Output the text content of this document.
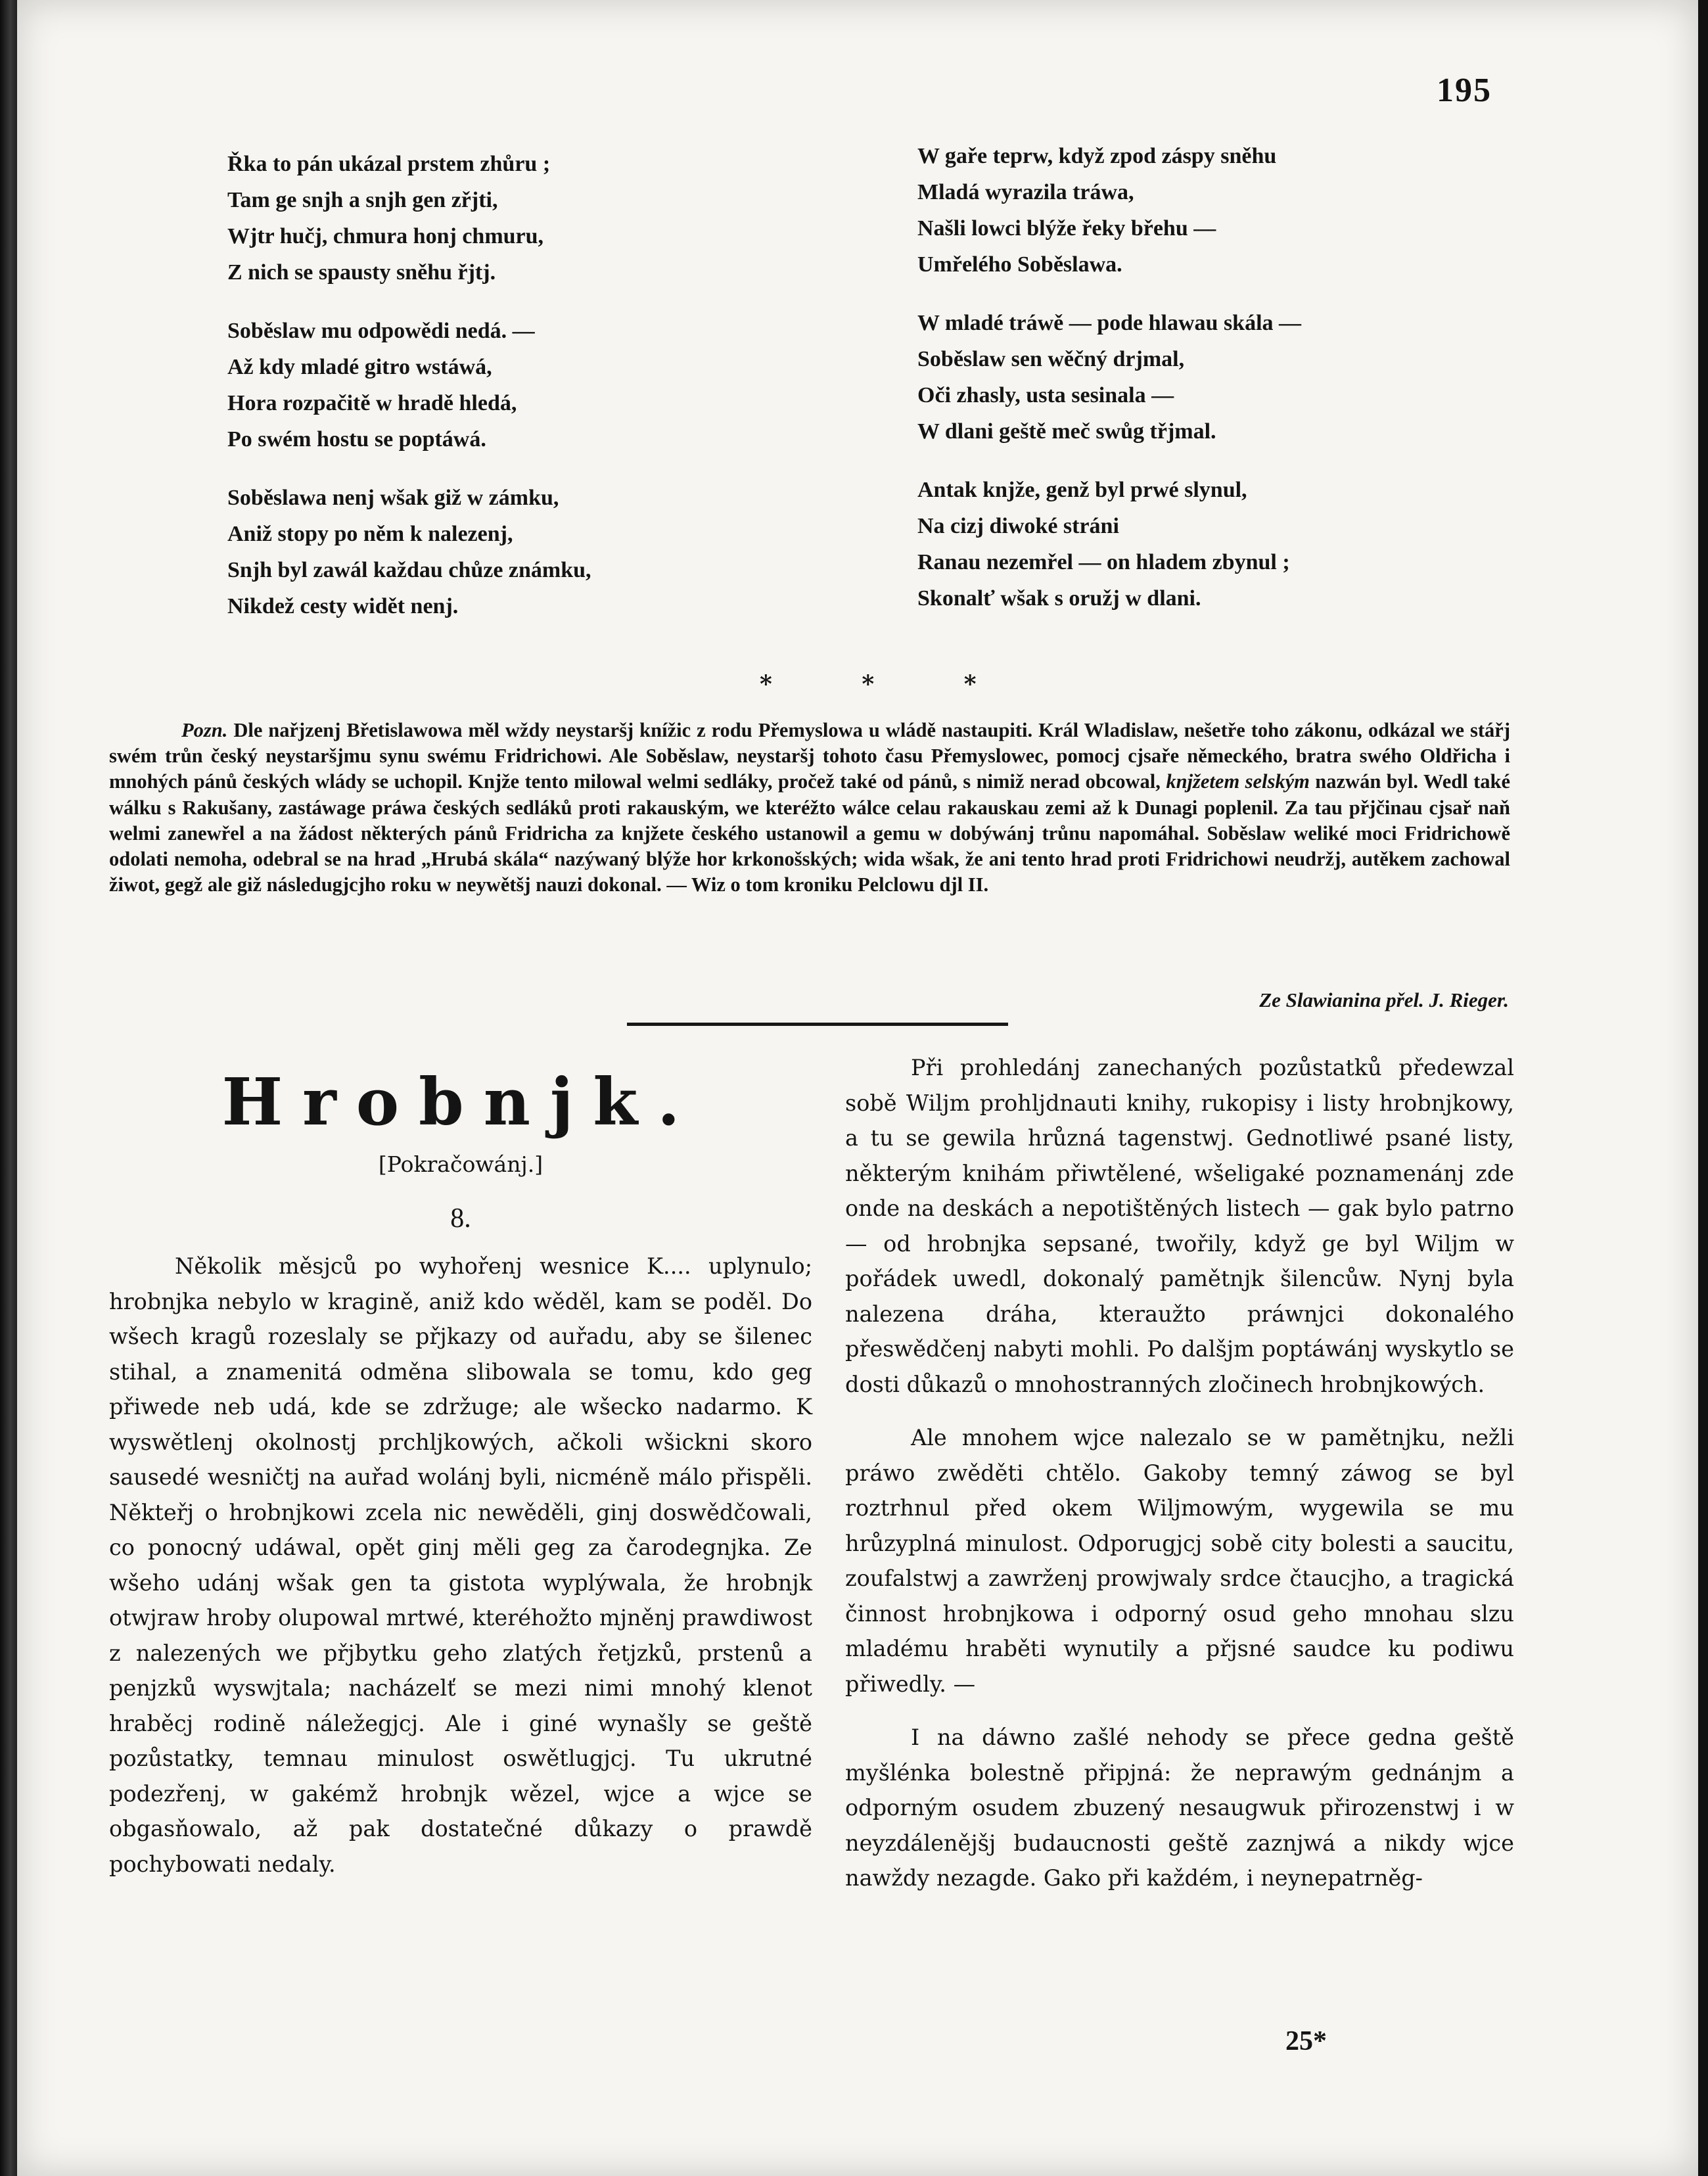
195
Řka to pán ukázal prstem zhůru ;
Tam ge snjh a snjh gen zřjti,
Wjtr hučj, chmura honj chmuru,
Z nich se spausty sněhu řjtj.
Soběslaw mu odpowědi nedá. —
Až kdy mladé gitro wstáwá,
Hora rozpačitě w hradě hledá,
Po swém hostu se poptáwá.
Soběslawa nenj wšak giž w zámku,
Aniž stopy po něm k nalezenj,
Snjh byl zawál každau chůze známku,
Nikdež cesty widět nenj.
W gaře teprw, když zpod záspy sněhu
Mladá wyrazila tráwa,
Našli lowci blýže řeky břehu —
Umřelého Soběslawa.
W mladé tráwě — pode hlawau skála —
Soběslaw sen wěčný drjmal,
Oči zhasly, usta sesinala —
W dlani geště meč swůg třjmal.
Antak knjže, genž byl prwé slynul,
Na cizj diwoké stráni
Ranau nezemřel — on hladem zbynul ;
Skonalť wšak s oružj w dlani.
* * *
Pozn. Dle nařjzenj Břetislawowa měl wždy neystaršj knížic z rodu Přemyslowa u wládě nastaupiti. Král Wladislaw, nešetře toho zákonu, odkázal we stářj swém trůn český neystaršjmu synu swému Fridrichowi. Ale Soběslaw, neystaršj tohoto času Přemyslowec, pomocj cjsaře německého, bratra swého Oldřicha i mnohých pánů českých wlády se uchopil. Knjže tento milowal welmi sedláky, pročež také od pánů, s nimiž nerad obcowal, knjžetem selským nazwán byl. Wedl také wálku s Rakušany, zastáwage práwa českých sedláků proti rakauským, we kteréžto wálce celau rakauskau zemi až k Dunagi poplenil. Za tau přjčinau cjsař naň welmi zanewřel a na žádost některých pánů Fridricha za knjžete českého ustanowil a gemu w dobýwánj trůnu napomáhal. Soběslaw weliké moci Fridrichowě odolati nemoha, odebral se na hrad „Hrubá skála“ nazýwaný blýže hor krkonošských; wida wšak, že ani tento hrad proti Fridrichowi neudržj, autěkem zachowal žiwot, gegž ale giž následugjcjho roku w neywětšj nauzi dokonal. — Wiz o tom kroniku Pelclowu djl II.
Ze Slawianina přel. J. Rieger.
Hrobnjk.
[Pokračowánj.]
8.

Několik měsjců po wyhořenj wesnice K.... uplynulo; hrobnjka nebylo w kragině, aniž kdo wěděl, kam se poděl. Do wšech kragů rozeslaly se přjkazy od auřadu, aby se šilenec stihal, a znamenitá odměna slibowala se tomu, kdo geg přiwede neb udá, kde se zdržuge; ale wšecko nadarmo. K wyswětlenj okolnostj prchljkowých, ačkoli wšickni skoro sausedé wesničtj na auřad wolánj byli, nicméně málo přispěli. Někteřj o hrobnjkowi zcela nic newěděli, ginj doswědčowali, co ponocný udáwal, opět ginj měli geg za čarodegnjka. Ze wšeho udánj wšak gen ta gistota wyplýwala, že hrobnjk otwjraw hroby olupowal mrtwé, kteréhožto mjněnj prawdiwost z nalezených we přjbytku geho zlatých řetjzků, prstenů a penjzků wyswjtala; nacházelť se mezi nimi mnohý klenot hraběcj rodině náležegjcj. Ale i giné wynašly se geště pozůstatky, temnau minulost oswětlugjcj. Tu ukrutné podezřenj, w gakémž hrobnjk wězel, wjce a wjce se obgasňowalo, až pak dostatečné důkazy o prawdě pochybowati nedaly.

Při prohledánj zanechaných pozůstatků předewzal sobě Wiljm prohljdnauti knihy, rukopisy i listy hrobnjkowy, a tu se gewila hrůzná tagenstwj. Gednotliwé psané listy, některým knihám přiwtělené, wšeligaké poznamenánj zde onde na deskách a nepotištěných listech — gak bylo patrno — od hrobnjka sepsané, twořily, když ge byl Wiljm w pořádek uwedl, dokonalý pamětnjk šilencůw. Nynj byla nalezena dráha, kteraužto práwnjci dokonalého přeswědčenj nabyti mohli. Po dalšjm poptáwánj wyskytlo se dosti důkazů o mnohostranných zločinech hrobnjkowých.

Ale mnohem wjce nalezalo se w pamětnjku, nežli práwo zwěděti chtělo. Gakoby temný záwog se byl roztrhnul před okem Wiljmowým, wygewila se mu hrůzyplná minulost. Odporugjcj sobě city bolesti a saucitu, zoufalstwj a zawrženj prowjwaly srdce čtaucjho, a tragická činnost hrobnjkowa i odporný osud geho mnohau slzu mladému hraběti wynutily a přjsné saudce ku podiwu přiwedly. —

I na dáwno zašlé nehody se přece gedna geště myšlénka bolestně připjná: že neprawým gednánjm a odporným osudem zbuzený nesaugwuk přirozenstwj i w neyzdálenějšj budaucnosti geště zaznjwá a nikdy wjce nawždy nezagde. Gako při každém, i neynepatrněg-

25*
